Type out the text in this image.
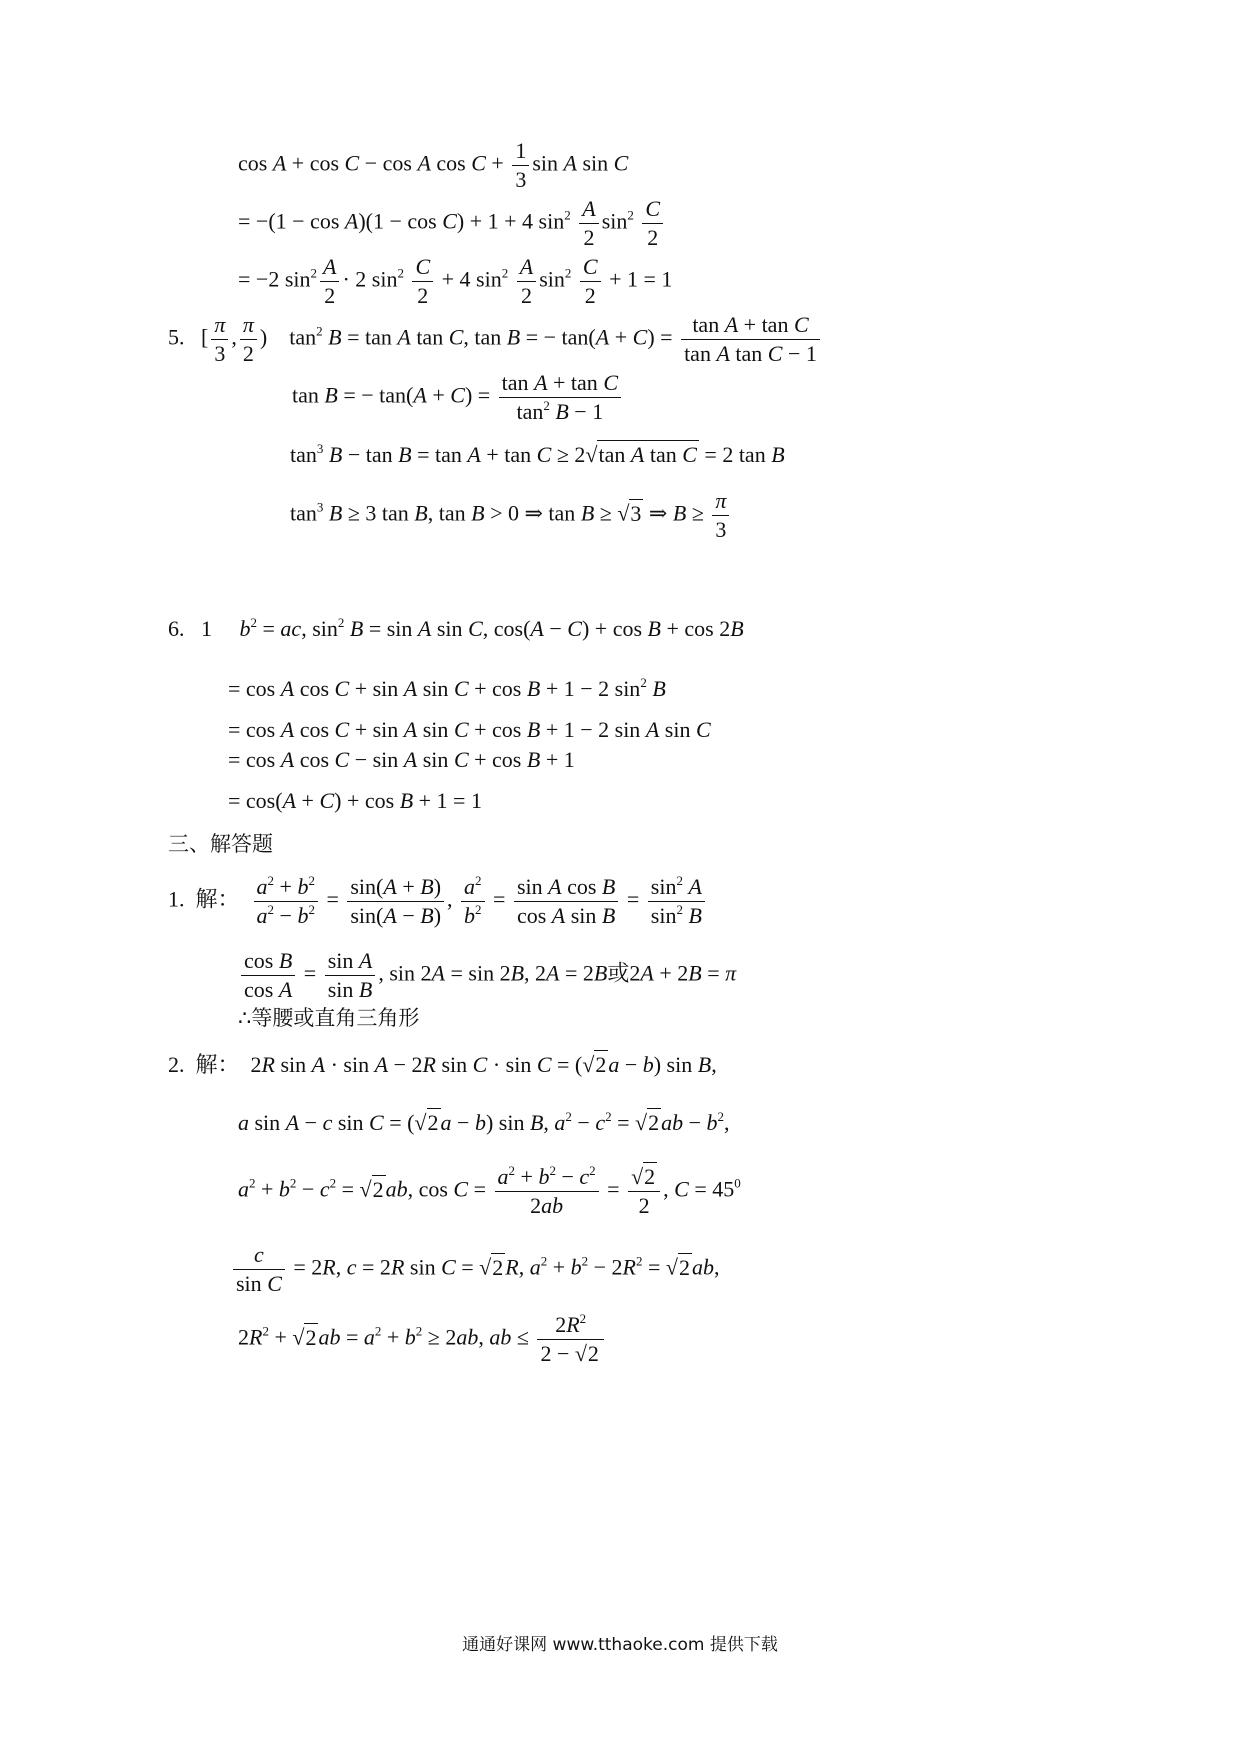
cos A + cos C − cos A $\cos C + \frac{1}{3}$ sin A sin C
= −(1 − cos A)(1 − cos C) + 1 + 4 $\sin^2 \frac{A}{2} \sin^2 \frac{C}{2}$
= −2 $\sin^2 \frac{A}{2} \cdot 2$ $\sin^2 \frac{C}{2} + 4$ $\sin^2 \frac{A}{2} \sin^2 \frac{C}{2} + 1 = 1$
5. [ $\frac{\pi}{3}$ , $\frac{\pi}{2}$ )    $\tan^2 B = \tan A$ tan C, tan B = − $\tan(A + C) = \frac{\text{tan A + tan C}}{\text{tan A tan C − 1}}$
tan B = − $\tan(A + C) = \frac{\text{tan A + tan C}}{\tan^2 B - 1}$
$\tan^3 B - \tan B = \tan A + \tan C \ge 2√\tan$ A tan C = 2 tan B
$\tan^3 B \ge 3$ tan B, tan B > 0 ⇒ tan B ≥ √3 ⇒ $B \ge \frac{\pi}{3}$
6. 1 $b^2$ = ac, $\sin^2 B = \sin A$ sin C, cos(A − C) + cos B + cos 2B
= cos A cos C + sin A sin C + cos B + 1 − 2 $\sin^2 B$
= cos A cos C + sin A sin C + cos B + 1 − 2 sin A sin C
= cos A cos C − sin A sin C + cos B + 1
= cos(A + C) + cos B + 1 = 1
三、解答题
1. 解： $\frac{a^2 + b^2}{a^2 - b^2} = \frac{\sin(A + B)}{\sin(A - B)}$ , $\frac{a^2}{b^2} = \frac{\text{sin A cos B}}{\text{cos A sin B}} = \frac{\sin^2 A}{\sin^2 B}$
$\frac{\text{cos B}}{\text{cos A}} = \frac{\text{sin A}}{\text{sin B}}$ , sin 2A = sin 2B, 2A = 2B或2A + 2B = π
∴等腰或直角三角形
2. 解：  2R sin A · sin A − 2R sin C · sin C = (√2a − b) sin B,
a sin A − c sin C = (√2a − b) sin B, $a^2 - c^2 = √2ab - b^2$,
$a^2 + b^2 - c^2 = √2ab$, $\cos C = \frac{a^2 + b^2 - c^2}{2ab} = \frac{√2}{2}$ , $C = 45^0$
$\frac{c}{\text{sin C}} = 2R$, c = 2R sin C = √2R, $a^2 + b^2 - 2R^2 = √2ab$,
$2R^2 + √2ab = a^2 + b^2 \ge 2ab$, ab ≤ $\frac{2R^2}{2 - √2}$
通通好课网 www.tthaoke.com 提供下载
